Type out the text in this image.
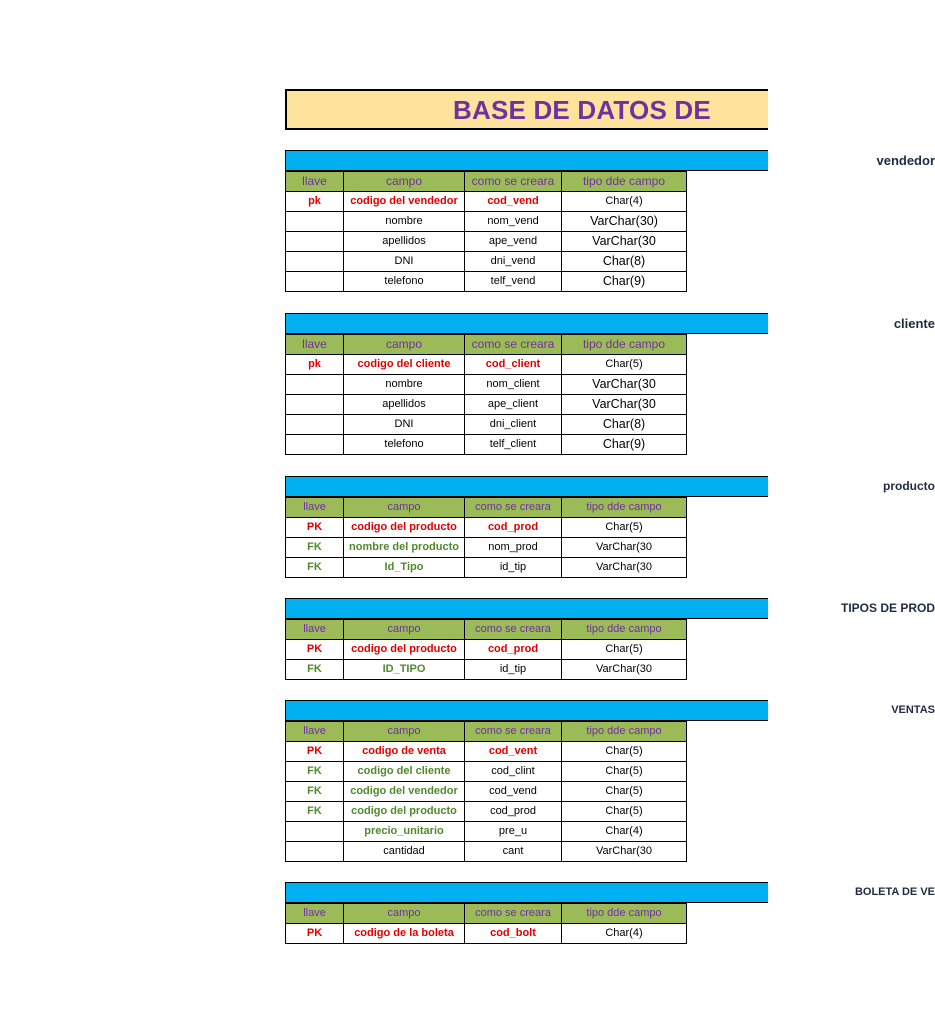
BASE DE DATOS DE
vendedor
llave	campo	como se creara	tipo dde campo
pk	codigo del vendedor	cod_vend	Char(4)
	nombre	nom_vend	VarChar(30)
	apellidos	ape_vend	VarChar(30
	DNI	dni_vend	Char(8)
	telefono	telf_vend	Char(9)
cliente
llave	campo	como se creara	tipo dde campo
pk	codigo del cliente	cod_client	Char(5)
	nombre	nom_client	VarChar(30
	apellidos	ape_client	VarChar(30
	DNI	dni_client	Char(8)
	telefono	telf_client	Char(9)
producto
llave	campo	como se creara	tipo dde campo
PK	codigo del producto	cod_prod	Char(5)
FK	nombre del producto	nom_prod	VarChar(30
FK	Id_Tipo	id_tip	VarChar(30
TIPOS DE PROD
llave	campo	como se creara	tipo dde campo
PK	codigo del producto	cod_prod	Char(5)
FK	ID_TIPO	id_tip	VarChar(30
VENTAS
llave	campo	como se creara	tipo dde campo
PK	codigo de venta	cod_vent	Char(5)
FK	codigo del cliente	cod_clint	Char(5)
FK	codigo del vendedor	cod_vend	Char(5)
FK	codigo del producto	cod_prod	Char(5)
	precio_unitario	pre_u	Char(4)
	cantidad	cant	VarChar(30
BOLETA DE VE
llave	campo	como se creara	tipo dde campo
PK	codigo de la boleta	cod_bolt	Char(4)
